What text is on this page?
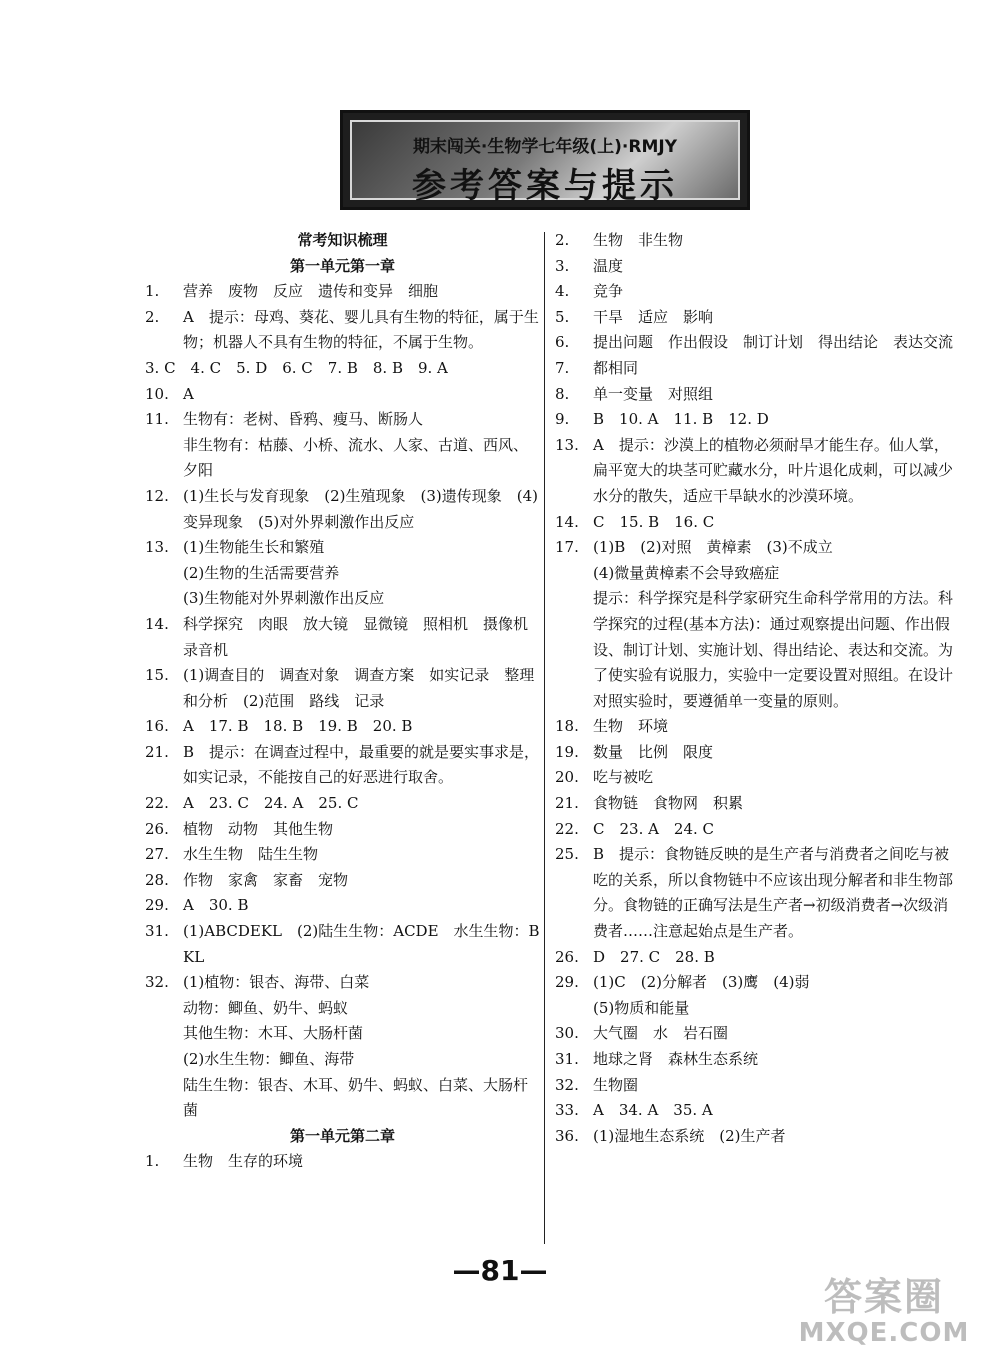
期末闯关·生物学七年级(上)·RMJY
参考答案与提示
常考知识梳理
第一单元第一章
1. 营养　废物　反应　遗传和变异　细胞
2. A　提示：母鸡、葵花、婴儿具有生物的特征，属于生物；机器人不具有生物的特征，不属于生物。
3. C　4. C　5. D　6. C　7. B　8. B　9. A
10. A
11. 生物有：老树、昏鸦、瘦马、断肠人
非生物有：枯藤、小桥、流水、人家、古道、西风、夕阳
12. (1)生长与发育现象　(2)生殖现象　(3)遗传现象　(4)变异现象　(5)对外界刺激作出反应
13. (1)生物能生长和繁殖
(2)生物的生活需要营养
(3)生物能对外界刺激作出反应
14. 科学探究　肉眼　放大镜　显微镜　照相机　摄像机　录音机
15. (1)调查目的　调查对象　调查方案　如实记录　整理和分析　(2)范围　路线　记录
16. A　17. B　18. B　19. B　20. B
21. B　提示：在调查过程中，最重要的就是要实事求是，如实记录，不能按自己的好恶进行取舍。
22. A　23. C　24. A　25. C
26. 植物　动物　其他生物
27. 水生生物　陆生生物
28. 作物　家禽　家畜　宠物
29. A　30. B
31. (1)ABCDEKL　(2)陆生生物：ACDE　水生生物：BKL
32. (1)植物：银杏、海带、白菜
动物：鲫鱼、奶牛、蚂蚁
其他生物：木耳、大肠杆菌
(2)水生生物：鲫鱼、海带
陆生生物：银杏、木耳、奶牛、蚂蚁、白菜、大肠杆菌
第一单元第二章
1. 生物　生存的环境
2. 生物　非生物
3. 温度
4. 竞争
5. 干旱　适应　影响
6. 提出问题　作出假设　制订计划　得出结论　表达交流
7. 都相同
8. 单一变量　对照组
9. B　10. A　11. B　12. D
13. A　提示：沙漠上的植物必须耐旱才能生存。仙人掌，扁平宽大的块茎可贮藏水分，叶片退化成刺，可以减少水分的散失，适应干旱缺水的沙漠环境。
14. C　15. B　16. C
17. (1)B　(2)对照　黄樟素　(3)不成立
(4)微量黄樟素不会导致癌症
提示：科学探究是科学家研究生命科学常用的方法。科学探究的过程(基本方法)：通过观察提出问题、作出假设、制订计划、实施计划、得出结论、表达和交流。为了使实验有说服力，实验中一定要设置对照组。在设计对照实验时，要遵循单一变量的原则。
18. 生物　环境
19. 数量　比例　限度
20. 吃与被吃
21. 食物链　食物网　积累
22. C　23. A　24. C
25. B　提示：食物链反映的是生产者与消费者之间吃与被吃的关系，所以食物链中不应该出现分解者和非生物部分。食物链的正确写法是生产者→初级消费者→次级消费者……注意起始点是生产者。
26. D　27. C　28. B
29. (1)C　(2)分解者　(3)鹰　(4)弱
(5)物质和能量
30. 大气圈　水　岩石圈
31. 地球之肾　森林生态系统
32. 生物圈
33. A　34. A　35. A
36. (1)湿地生态系统　(2)生产者
—81—
答案圈
MXQE.COM
